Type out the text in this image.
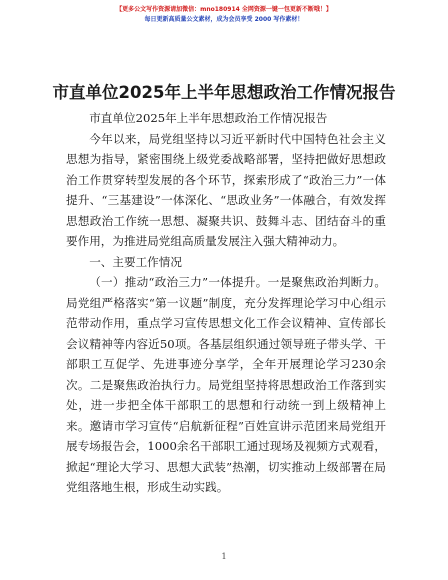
【更多公文写作资源请加微信：mno180914 全网资源一键一包更新不断哦！】
每日更新高质量公文素材，成为会员享受 2000 写作素材！
市直单位2025年上半年思想政治工作情况报告

市直单位2025年上半年思想政治工作情况报告

今年以来，局党组坚持以习近平新时代中国特色社会主义思想为指导，紧密围绕上级党委战略部署，坚持把做好思想政治工作贯穿转型发展的各个环节，探索形成了“政治三力”一体提升、“三基建设”一体深化、“思政业务”一体融合，有效发挥思想政治工作统一思想、凝聚共识、鼓舞斗志、团结奋斗的重要作用，为推进局党组高质量发展注入强大精神动力。

一、主要工作情况

（一）推动“政治三力”一体提升。一是聚焦政治判断力。局党组严格落实“第一议题”制度，充分发挥理论学习中心组示范带动作用，重点学习宣传思想文化工作会议精神、宣传部长会议精神等内容近50项。各基层组织通过领导班子带头学、干部职工互促学、先进事迹分享学，全年开展理论学习230余次。二是聚焦政治执行力。局党组坚持将思想政治工作落到实处，进一步把全体干部职工的思想和行动统一到上级精神上来。邀请市学习宣传“启航新征程”百姓宣讲示范团来局党组开展专场报告会，1000余名干部职工通过现场及视频方式观看，掀起“理论大学习、思想大武装”热潮，切实推动上级部署在局党组落地生根，形成生动实践。

1
